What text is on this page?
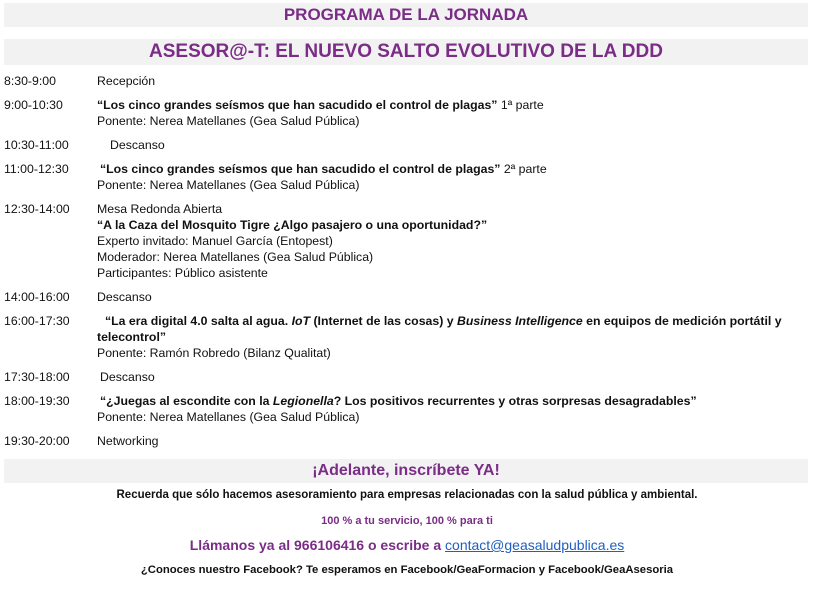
PROGRAMA DE LA JORNADA
ASESOR@-T: EL NUEVO SALTO EVOLUTIVO DE LA DDD
8:30-9:00	Recepción
9:00-10:30	“Los cinco grandes seísmos que han sacudido el control de plagas” 1ª parte
Ponente: Nerea Matellanes (Gea Salud Pública)
10:30-11:00	Descanso
11:00-12:30	“Los cinco grandes seísmos que han sacudido el control de plagas” 2ª parte
Ponente: Nerea Matellanes (Gea Salud Pública)
12:30-14:00	Mesa Redonda Abierta
“A la Caza del Mosquito Tigre ¿Algo pasajero o una oportunidad?”
Experto invitado: Manuel García (Entopest)
Moderador: Nerea Matellanes (Gea Salud Pública)
Participantes: Público asistente
14:00-16:00	Descanso
16:00-17:30	“La era digital 4.0 salta al agua. IoT (Internet de las cosas) y Business Intelligence en equipos de medición portátil y
telecontrol”
Ponente: Ramón Robredo (Bilanz Qualitat)
17:30-18:00	Descanso
18:00-19:30	“¿Juegas al escondite con la Legionella? Los positivos recurrentes y otras sorpresas desagradables”
Ponente: Nerea Matellanes (Gea Salud Pública)
19:30-20:00	Networking
¡Adelante, inscríbete YA!
Recuerda que sólo hacemos asesoramiento para empresas relacionadas con la salud pública y ambiental.
100 % a tu servicio, 100 % para ti
Llámanos ya al 966106416 o escribe a contact@geasaludpublica.es
¿Conoces nuestro Facebook? Te esperamos en Facebook/GeaFormacion y Facebook/GeaAsesoria
